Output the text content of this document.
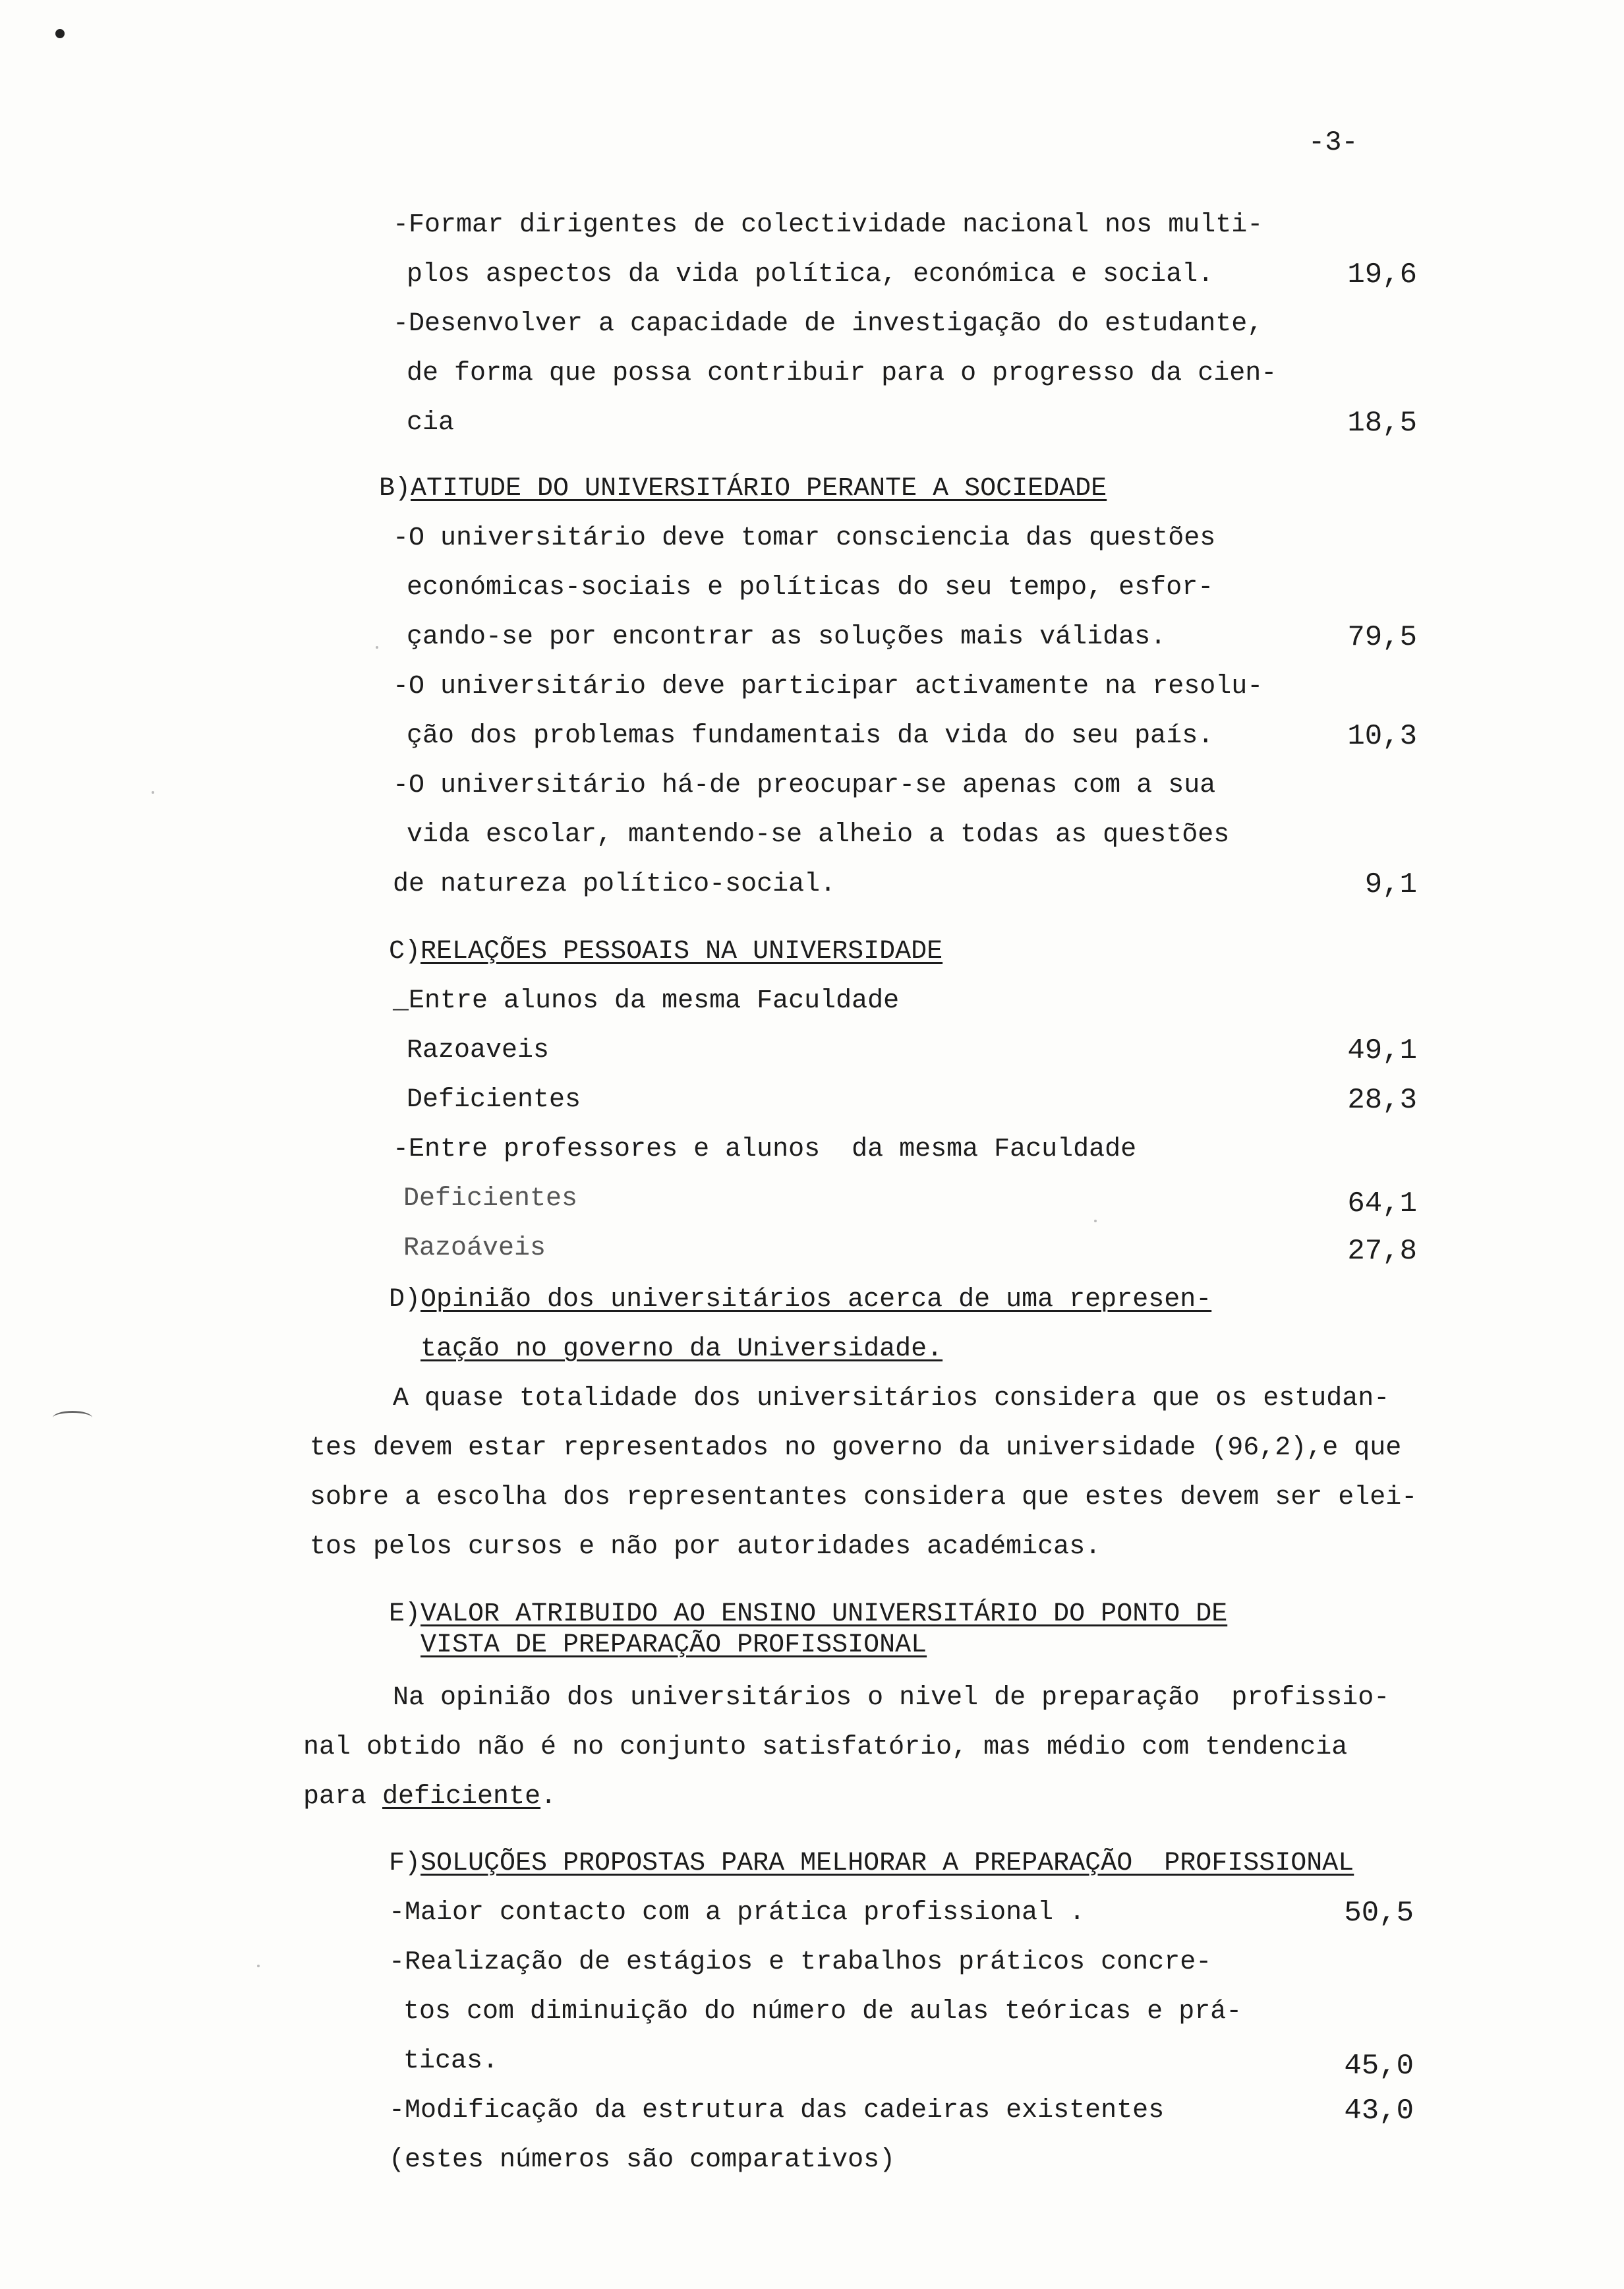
-3-
-Formar dirigentes de colectividade nacional nos multi-
plos aspectos da vida política, económica e social.	19,6
-Desenvolver a capacidade de investigação do estudante,
de forma que possa contribuir para o progresso da cien-
cia	18,5
B)ATITUDE DO UNIVERSITÁRIO PERANTE A SOCIEDADE
-O universitário deve tomar consciencia das questões
económicas-sociais e políticas do seu tempo, esfor-
çando-se por encontrar as soluções mais válidas.	79,5
-O universitário deve participar activamente na resolu-
ção dos problemas fundamentais da vida do seu país.	10,3
-O universitário há-de preocupar-se apenas com a sua
vida escolar, mantendo-se alheio a todas as questões
de natureza político-social.	9,1
C)RELAÇÕES PESSOAIS NA UNIVERSIDADE
_Entre alunos da mesma Faculdade
Razoaveis	49,1
Deficientes	28,3
-Entre professores e alunos  da mesma Faculdade
Deficientes	64,1
Razoáveis	27,8
D)Opinião dos universitários acerca de uma represen-
tação no governo da Universidade.
A quase totalidade dos universitários considera que os estudan-
tes devem estar representados no governo da universidade (96,2),e que
sobre a escolha dos representantes considera que estes devem ser elei-
tos pelos cursos e não por autoridades académicas.
E)VALOR ATRIBUIDO AO ENSINO UNIVERSITÁRIO DO PONTO DE
VISTA DE PREPARAÇÃO PROFISSIONAL
Na opinião dos universitários o nivel de preparação  profissio-
nal obtido não é no conjunto satisfatório, mas médio com tendencia
para deficiente.
F)SOLUÇÕES PROPOSTAS PARA MELHORAR A PREPARAÇÃO  PROFISSIONAL
-Maior contacto com a prática profissional .	50,5
-Realização de estágios e trabalhos práticos concre-
tos com diminuição do número de aulas teóricas e prá-
ticas.	45,0
-Modificação da estrutura das cadeiras existentes	43,0
(estes números são comparativos)
